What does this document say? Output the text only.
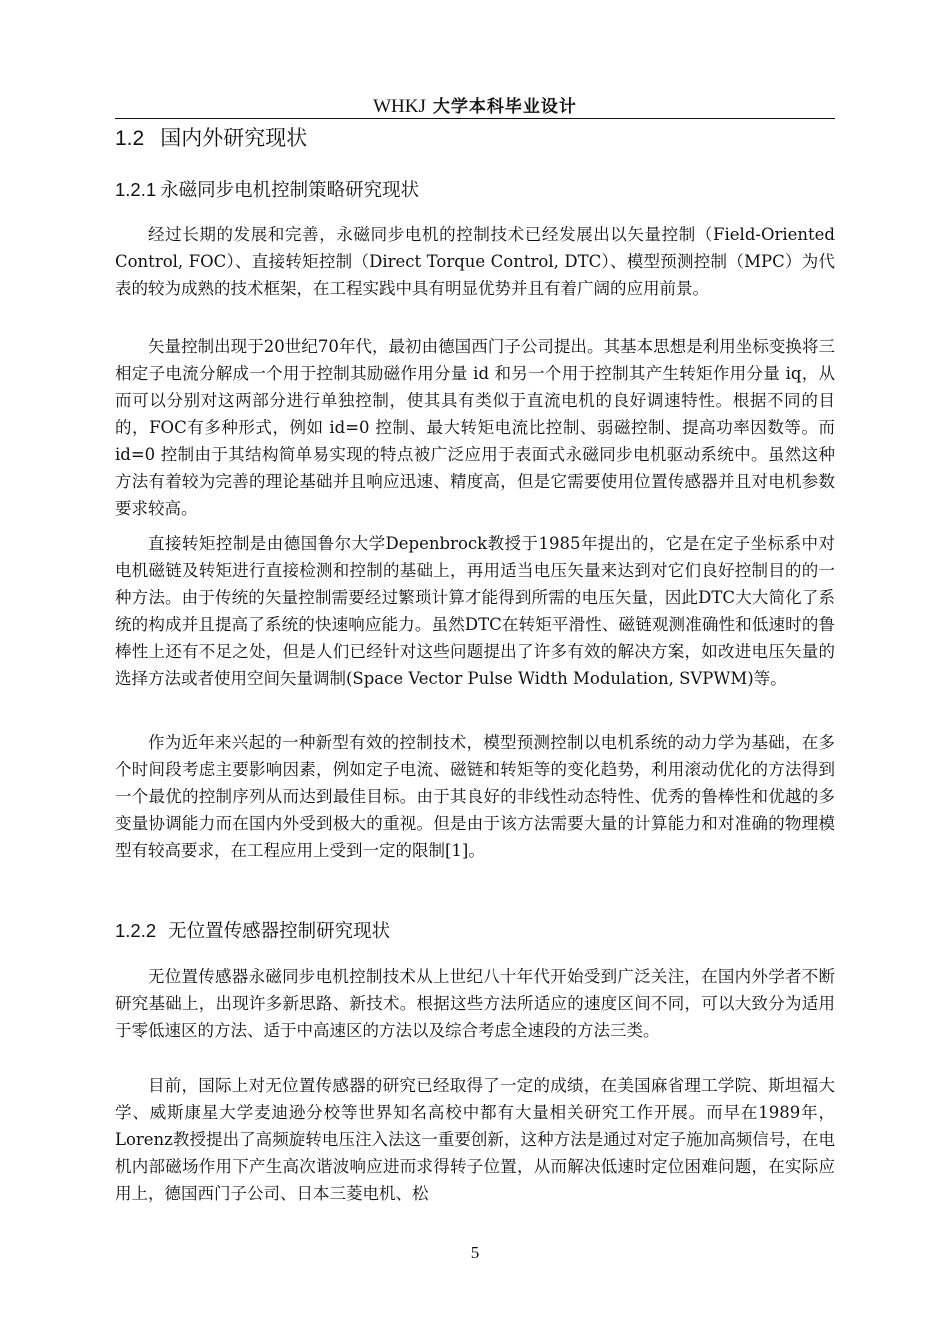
WHKJ 大学本科毕业设计
1.2 国内外研究现状
1.2.1 永磁同步电机控制策略研究现状

经过长期的发展和完善，永磁同步电机的控制技术已经发展出以矢量控制（Field-Oriented Control, FOC）、直接转矩控制（Direct Torque Control, DTC）、模型预测控制（MPC）为代表的较为成熟的技术框架，在工程实践中具有明显优势并且有着广阔的应用前景。

矢量控制出现于20世纪70年代，最初由德国西门子公司提出。其基本思想是利用坐标变换将三相定子电流分解成一个用于控制其励磁作用分量 id 和另一个用于控制其产生转矩作用分量 iq，从而可以分别对这两部分进行单独控制，使其具有类似于直流电机的良好调速特性。根据不同的目的，FOC有多种形式，例如 id=0 控制、最大转矩电流比控制、弱磁控制、提高功率因数等。而 id=0 控制由于其结构简单易实现的特点被广泛应用于表面式永磁同步电机驱动系统中。虽然这种方法有着较为完善的理论基础并且响应迅速、精度高，但是它需要使用位置传感器并且对电机参数要求较高。

直接转矩控制是由德国鲁尔大学Depenbrock教授于1985年提出的，它是在定子坐标系中对电机磁链及转矩进行直接检测和控制的基础上，再用适当电压矢量来达到对它们良好控制目的的一种方法。由于传统的矢量控制需要经过繁琐计算才能得到所需的电压矢量，因此DTC大大简化了系统的构成并且提高了系统的快速响应能力。虽然DTC在转矩平滑性、磁链观测准确性和低速时的鲁棒性上还有不足之处，但是人们已经针对这些问题提出了许多有效的解决方案，如改进电压矢量的选择方法或者使用空间矢量调制(Space Vector Pulse Width Modulation, SVPWM)等。

作为近年来兴起的一种新型有效的控制技术，模型预测控制以电机系统的动力学为基础，在多个时间段考虑主要影响因素，例如定子电流、磁链和转矩等的变化趋势，利用滚动优化的方法得到一个最优的控制序列从而达到最佳目标。由于其良好的非线性动态特性、优秀的鲁棒性和优越的多变量协调能力而在国内外受到极大的重视。但是由于该方法需要大量的计算能力和对准确的物理模型有较高要求，在工程应用上受到一定的限制[1]。

1.2.2 无位置传感器控制研究现状

无位置传感器永磁同步电机控制技术从上世纪八十年代开始受到广泛关注，在国内外学者不断研究基础上，出现许多新思路、新技术。根据这些方法所适应的速度区间不同，可以大致分为适用于零低速区的方法、适于中高速区的方法以及综合考虑全速段的方法三类。

目前，国际上对无位置传感器的研究已经取得了一定的成绩，在美国麻省理工学院、斯坦福大学、威斯康星大学麦迪逊分校等世界知名高校中都有大量相关研究工作开展。而早在1989年，Lorenz教授提出了高频旋转电压注入法这一重要创新，这种方法是通过对定子施加高频信号，在电机内部磁场作用下产生高次谐波响应进而求得转子位置，从而解决低速时定位困难问题，在实际应用上，德国西门子公司、日本三菱电机、松

5
